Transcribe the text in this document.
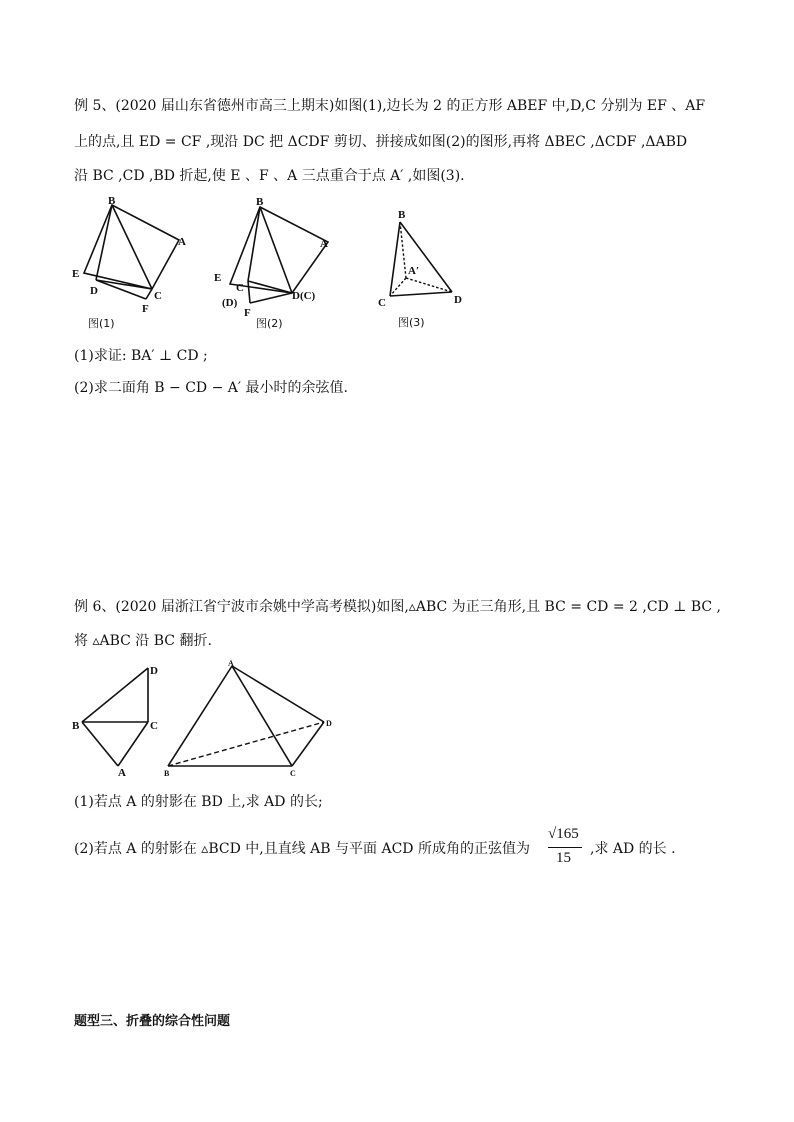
例 5、(2020 届山东省德州市高三上期末)如图(1),边长为 2 的正方形 ABEF 中,D,C 分别为 EF 、AF
上的点,且 ED = CF ,现沿 DC 把 ΔCDF 剪切、拼接成如图(2)的图形,再将 ΔBEC ,ΔCDF ,ΔABD
沿 BC ,CD ,BD 折起,使 E 、F 、A 三点重合于点 A′ ,如图(3).
B
A
E
D	C
F
图(1)
B
A
E
C
(D)
F
D(C)
图(2)
B
A′
C	D
图(3)
(1)求证: BA′ ⊥ CD ;
(2)求二面角 B − CD − A′ 最小时的余弦值.
例 6、(2020 届浙江省宁波市余姚中学高考模拟)如图,▵ABC 为正三角形,且 BC = CD = 2 ,CD ⊥ BC ,
将 ▵ABC 沿 BC 翻折.
D
B	C
A
A
D
B	C
(1)若点 A 的射影在 BD 上,求 AD 的长;
(2)若点 A 的射影在 ▵BCD 中,且直线 AB 与平面 ACD 所成角的正弦值为
√165
15
,求 AD 的长 .
题型三、折叠的综合性问题
